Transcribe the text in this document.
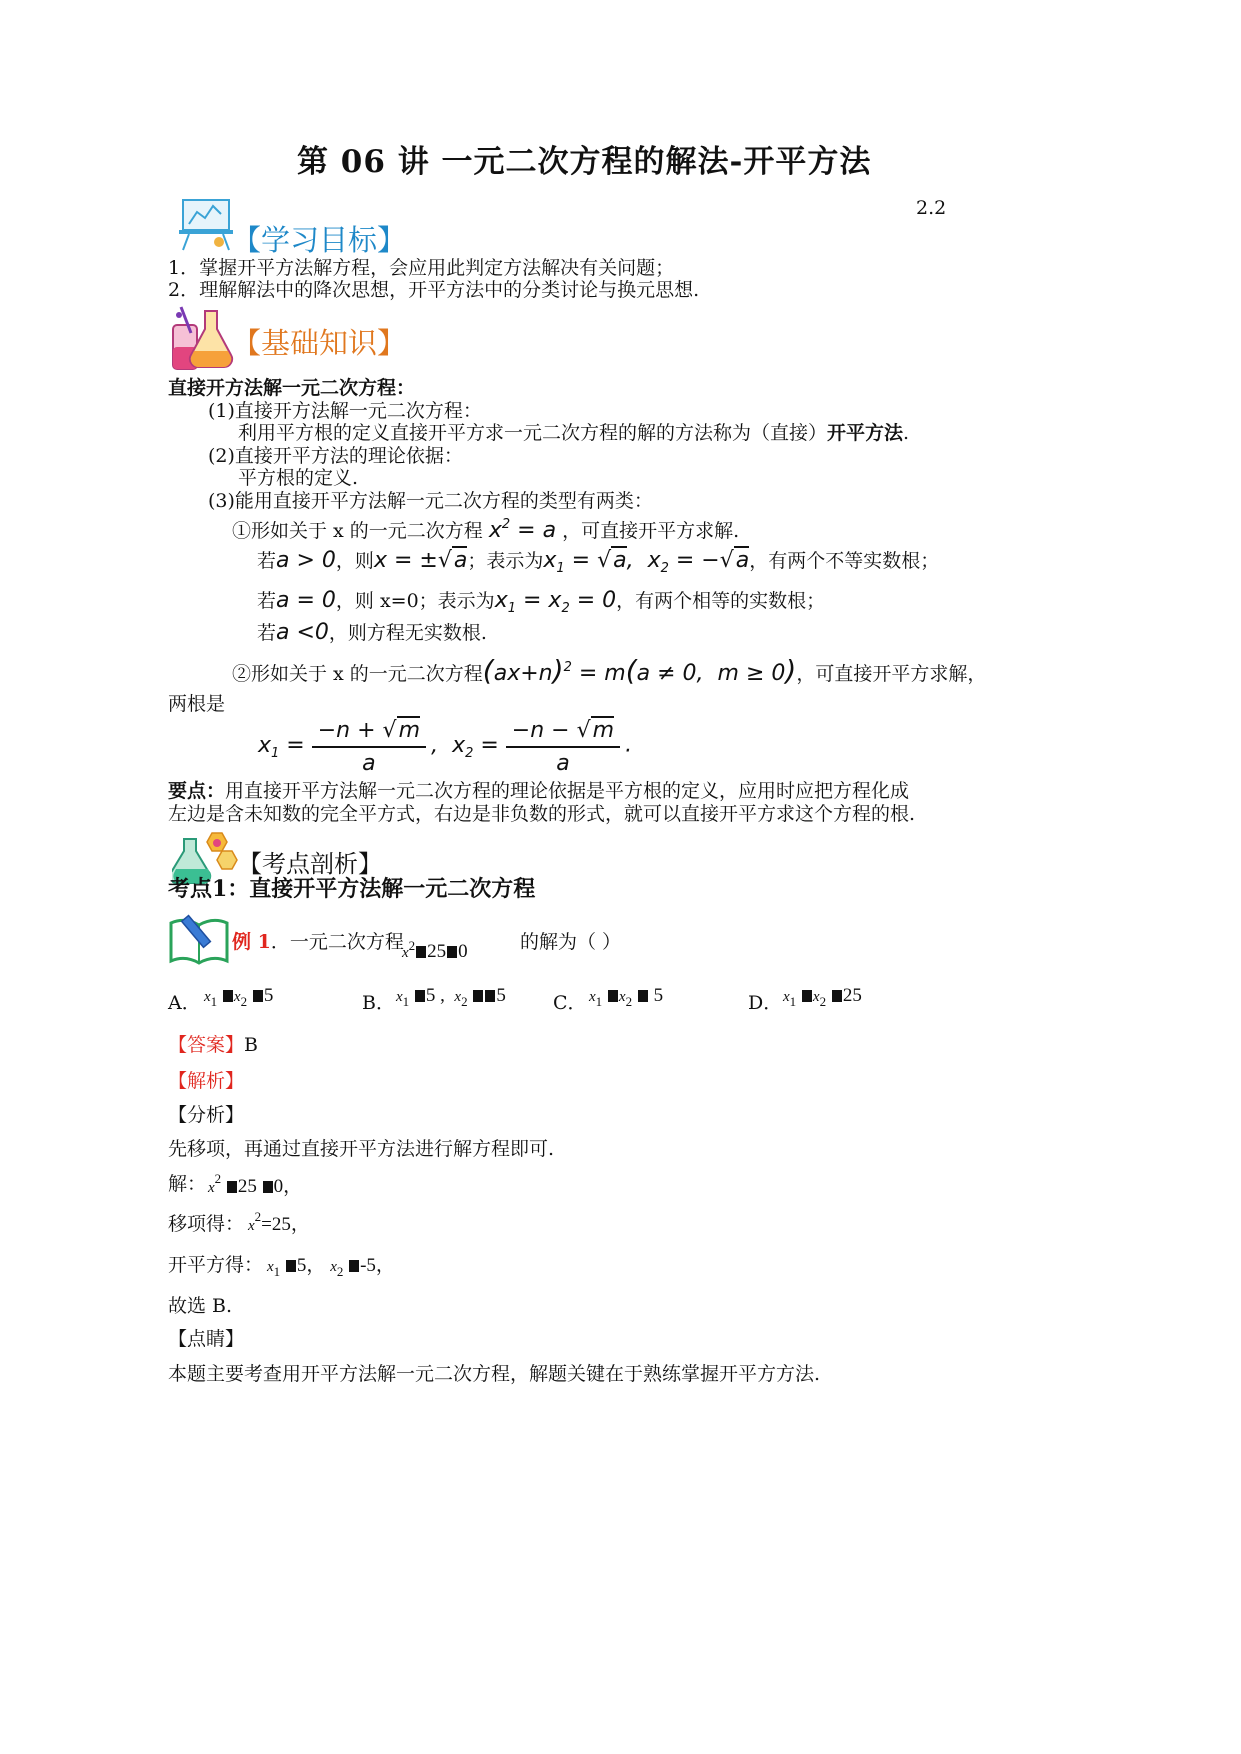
第 06 讲 一元二次方程的解法-开平方法
2.2
【学习目标】
1．掌握开平方法解方程，会应用此判定方法解决有关问题；
2．理解解法中的降次思想，开平方法中的分类讨论与换元思想.
【基础知识】
直接开方法解一元二次方程：
(1)直接开方法解一元二次方程：
利用平方根的定义直接开平方求一元二次方程的解的方法称为（直接）开平方法.
(2)直接开平方法的理论依据：
平方根的定义.
(3)能用直接开平方法解一元二次方程的类型有两类：
①形如关于 x 的一元二次方程 $x^2 = a$ ，可直接开平方求解.
若a > 0，则x = ±√a；表示为$x_1 = √a$,  $x_2 = -√a$，有两个不等实数根；
若a = 0，则 x=0；表示为$x_1 = x_2 = 0$，有两个相等的实数根；
若a <0，则方程无实数根.
②形如关于 x 的一元二次方程$(ax+n)^2 = m(a \ne 0$,  m ≥ 0)，可直接开平方求解，
两根是
$x_1 = \frac{-n + √m}{a}$ ,  $x_2 = \frac{-n - √m}{a}$ .
要点：用直接开平方法解一元二次方程的理论依据是平方根的定义，应用时应把方程化成
左边是含未知数的完全平方式，右边是非负数的形式，就可以直接开平方求这个方程的根.
【考点剖析】
考点1：直接开平方法解一元二次方程
例 1．一元二次方程
$x^2$ 25 0	的解为（ ）
A． $x_1$ $x_2$ 5	B． $x_1$ 5 ,  $x_2$ 5 C． $x_1$ $x_2$  5	D． $x_1$ $x_2$ 25
【答案】B
【解析】
【分析】
先移项，再通过直接开平方法进行解方程即可.
解： $x^2$ 25 0，
移项得： $x^2=25$，
开平方得： $x_1$ 5， $x_2$ -5，
故选 B.
【点睛】
本题主要考查用开平方法解一元二次方程，解题关键在于熟练掌握开平方方法.
